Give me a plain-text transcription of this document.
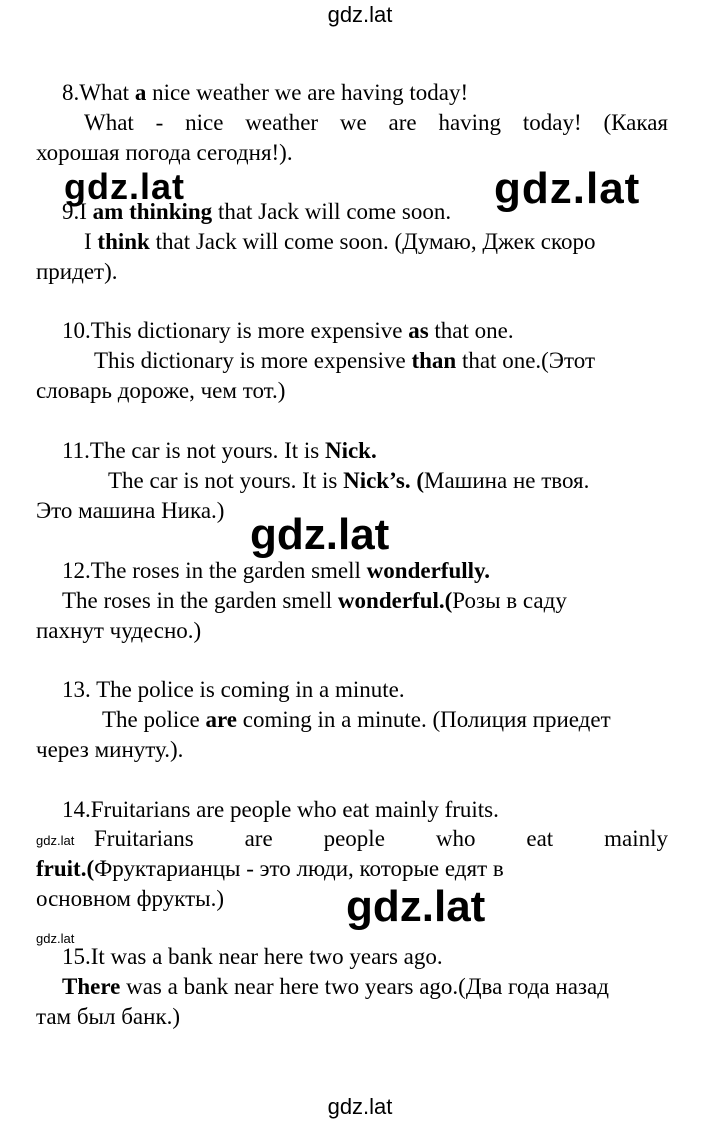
gdz.lat
8.What a nice weather we are having today!
What - nice weather we are having today! (Какая
хорошая погода сегодня!).
gdz.lat	gdz.lat
9.I am thinking that Jack will come soon.
I think that Jack will come soon. (Думаю, Джек скоро
придет).
10.This dictionary is more expensive as that one.
This dictionary is more expensive than that one.(Этот
словарь дороже, чем тот.)
11.The car is not yours. It is Nick.
The car is not yours. It is Nick’s. (Машина не твоя.
Это машина Ника.) gdz.lat
12.The roses in the garden smell wonderfully.
The roses in the garden smell wonderful.(Розы в саду
пахнут чудесно.)
13. The police is coming in a minute.
The police are coming in a minute. (Полиция приедет
через минуту.).
14.Fruitarians are people who eat mainly fruits.
gdz.lat Fruitarians are people who eat mainly
fruit.(Фруктарианцы - это люди, которые едят в
основном фрукты.)	gdz.lat
gdz.lat
15.It was a bank near here two years ago.
There was a bank near here two years ago.(Два года назад
там был банк.)
gdz.lat
